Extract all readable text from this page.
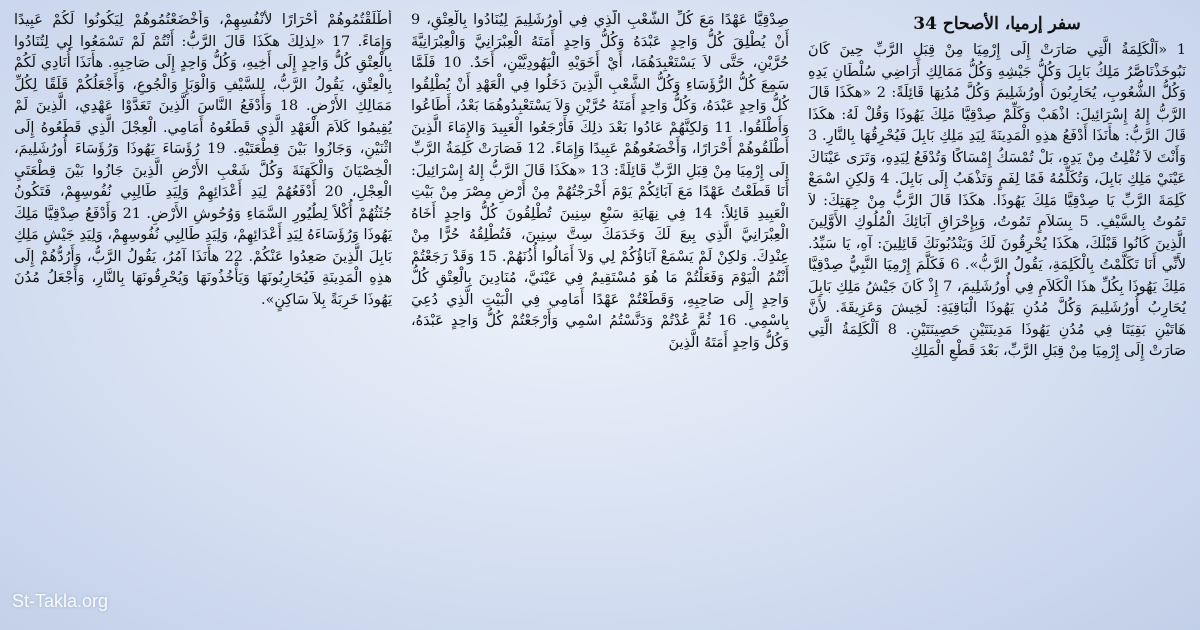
سفر إرميا، الأصحاح 34

1 «اَلْكَلِمَةُ الَّتِي صَارَتْ إِلَى إِرْمِيَا مِنْ قِبَلِ الرَّبِّ حِينَ كَانَ نَبُوخَذْنَاصَّرُ مَلِكُ بَابِلَ وَكُلُّ جَيْشِهِ وَكُلُّ مَمَالِكِ أَرَاضِي سُلْطَانِ يَدِهِ وَكُلُّ الشُّعُوبِ، يُحَارِبُونَ أُورُشَلِيمَ وَكُلَّ مُدُنِهَا قَائِلَةً: 2 «هكَذَا قَالَ الرَّبُّ إِلهُ إِسْرَائِيلَ: اذْهَبْ وَكَلِّمْ صِدْقِيَّا مَلِكَ يَهُوذَا وَقُلْ لَهُ: هكَذَا قَالَ الرَّبُّ: هأَنَذَا أَدْفَعُ هذِهِ الْمَدِينَةَ لِيَدِ مَلِكِ بَابِلَ فَيُحْرِقُهَا بِالنَّارِ. 3 وَأَنْتَ لاَ تُفْلِتُ مِنْ يَدِهِ، بَلْ تُمْسَكُ إِمْسَاكًا وَتُدْفَعُ لِيَدِهِ، وَتَرَى عَيْنَاكَ عَيْنَيْ مَلِكِ بَابِلَ، وَتُكَلِّمُهُ فَمًا لِفَمٍ وَتَذْهَبُ إِلَى بَابِلَ. 4 وَلكِنِ اسْمَعْ كَلِمَةَ الرَّبِّ يَا صِدْقِيَّا مَلِكَ يَهُوذَا. هكَذَا قَالَ الرَّبُّ مِنْ جِهَتِكَ: لاَ تَمُوتُ بِالسَّيْفِ. 5 بِسَلاَمٍ تَمُوتُ، وَبِإِحْرَاقِ آبَائِكَ الْمُلُوكِ الأَوَّلِينَ الَّذِينَ كَانُوا قَبْلَكَ، هكَذَا يُحْرِقُونَ لَكَ وَيَنْدُبُونَكَ قَائِلِينَ: آهِ، يَا سَيِّدُ. لأَنِّي أَنَا تَكَلَّمْتُ بِالْكَلِمَةِ، يَقُولُ الرَّبُّ». 6 فَكَلَّمَ إِرْمِيَا النَّبِيُّ صِدْقِيَّا مَلِكَ يَهُوذَا بِكُلِّ هذَا الْكَلاَمِ فِي أُورُشَلِيمَ، 7 إِذْ كَانَ جَيْشُ مَلِكِ بَابِلَ يُحَارِبُ أُورُشَلِيمَ وَكُلَّ مُدُنِ يَهُوذَا الْبَاقِيَةِ: لَخِيشَ وَعَزِيقَةَ. لأَنَّ هَاتَيْنِ بَقِيَتَا فِي مُدُنِ يَهُوذَا مَدِينَتَيْنِ حَصِينَتَيْنِ. 8 اَلْكَلِمَةُ الَّتِي صَارَتْ إِلَى إِرْمِيَا مِنْ قِبَلِ الرَّبِّ، بَعْدَ قَطْعِ الْمَلِكِ

صِدْقِيَّا عَهْدًا مَعَ كُلِّ الشَّعْبِ الَّذِي فِي أُورُشَلِيمَ لِيُنَادُوا بِالْعِتْقِ، 9 أَنْ يُطْلِقَ كُلُّ وَاحِدٍ عَبْدَهُ وَكُلُّ وَاحِدٍ أَمَتَهُ الْعِبْرَانِيَّ وَالْعِبْرَانِيَّةَ حُرَّيْنِ، حَتَّى لاَ يَسْتَعْبِدَهُمَا، أَيْ أَخَوَيْهِ الْيَهُودِيَّيْنِ، أَحَدٌ. 10 فَلَمَّا سَمِعَ كُلُّ الرُّؤَسَاءِ وَكُلُّ الشَّعْبِ الَّذِينَ دَخَلُوا فِي الْعَهْدِ أَنْ يُطْلِقُوا كُلُّ وَاحِدٍ عَبْدَهُ، وَكُلُّ وَاحِدٍ أَمَتَهُ حُرَّيْنِ وَلاَ يَسْتَعْبِدُوهُمَا بَعْدُ، أَطَاعُوا وَأَطْلَقُوا. 11 وَلكِنَّهُمْ عَادُوا بَعْدَ ذلِكَ فَأَرْجَعُوا الْعَبِيدَ وَالإِمَاءَ الَّذِينَ أَطْلَقُوهُمْ أَحْرَارًا، وَأَخْضَعُوهُمْ عَبِيدًا وَإِمَاءً. 12 فَصَارَتْ كَلِمَةُ الرَّبِّ إِلَى إِرْمِيَا مِنْ قِبَلِ الرَّبِّ قَائِلَةً: 13 «هكَذَا قَالَ الرَّبُّ إِلهُ إِسْرَائِيلَ: أَنَا قَطَعْتُ عَهْدًا مَعَ آبَائِكُمْ يَوْمَ أَخْرَجْتُهُمْ مِنْ أَرْضِ مِصْرَ مِنْ بَيْتِ الْعَبِيدِ قَائِلاً: 14 فِي نِهَايَةِ سَبْعِ سِنِينَ تُطْلِقُونَ كُلُّ وَاحِدٍ أَخَاهُ الْعِبْرَانِيَّ الَّذِي بِيعَ لَكَ وَخَدَمَكَ سِتَّ سِنِينَ، فَتُطْلِقُهُ حُرًّا مِنْ عِنْدِكَ. وَلكِنْ لَمْ يَسْمَعْ آبَاؤُكُمْ لِي وَلاَ أَمَالُوا أُذُنَهُمْ. 15 وَقَدْ رَجَعْتُمْ أَنْتُمُ الْيَوْمَ وَفَعَلْتُمْ مَا هُوَ مُسْتَقِيمٌ فِي عَيْنَيَّ، مُنَادِينَ بِالْعِتْقِ كُلُّ وَاحِدٍ إِلَى صَاحِبِهِ، وَقَطَعْتُمْ عَهْدًا أَمَامِي فِي الْبَيْتِ الَّذِي دُعِيَ بِاسْمِي. 16 ثُمَّ عُدْتُمْ وَدَنَّسْتُمُ اسْمِي وَأَرْجَعْتُمْ كُلُّ وَاحِدٍ عَبْدَهُ، وَكُلُّ وَاحِدٍ أَمَتَهُ الَّذِينَ

أَطْلَقْتُمُوهُمْ أَحْرَارًا لأَنْفُسِهِمْ، وَأَخْضَعْتُمُوهُمْ لِيَكُونُوا لَكُمْ عَبِيدًا وَإِمَاءً. 17 «لِذلِكَ هكَذَا قَالَ الرَّبُّ: أَنْتُمْ لَمْ تَسْمَعُوا لِي لِتُنَادُوا بِالْعِتْقِ كُلُّ وَاحِدٍ إِلَى أَخِيهِ، وَكُلُّ وَاحِدٍ إِلَى صَاحِبِهِ. هأَنَذَا أُنَادِي لَكُمْ بِالْعِتْقِ، يَقُولُ الرَّبُّ، لِلسَّيْفِ وَالْوَبَإِ وَالْجُوعِ، وَأَجْعَلُكُمْ قَلَقًا لِكُلِّ مَمَالِكِ الأَرْضِ. 18 وَأَدْفَعُ النَّاسَ الَّذِينَ تَعَدَّوْا عَهْدِي، الَّذِينَ لَمْ يُقِيمُوا كَلاَمَ الْعَهْدِ الَّذِي قَطَعُوهُ أَمَامِي. الْعِجْلَ الَّذِي قَطَعُوهُ إِلَى اثْنَيْنِ، وَجَازُوا بَيْنَ قِطْعَتَيْهِ. 19 رُؤَسَاءَ يَهُوذَا وَرُؤَسَاءَ أُورُشَلِيمَ، الْخِصْيَانَ وَالْكَهَنَةَ وَكُلَّ شَعْبِ الأَرْضِ الَّذِينَ جَازُوا بَيْنَ قِطْعَتَيِ الْعِجْلِ، 20 أَدْفَعُهُمْ لِيَدِ أَعْدَائِهِمْ وَلِيَدِ طَالِبِي نُفُوسِهِمْ، فَتَكُونُ جُثَثُهُمْ أُكْلاً لِطُيُورِ السَّمَاءِ وَوُحُوشِ الأَرْضِ. 21 وَأَدْفَعُ صِدْقِيَّا مَلِكَ يَهُوذَا وَرُؤَسَاءَهُ لِيَدِ أَعْدَائِهِمْ، وَلِيَدِ طَالِبِي نُفُوسِهِمْ، وَلِيَدِ جَيْشِ مَلِكِ بَابِلَ الَّذِينَ صَعِدُوا عَنْكُمْ. 22 هأَنَذَا آمُرُ، يَقُولُ الرَّبُّ، وَأَرُدُّهُمْ إِلَى هذِهِ الْمَدِينَةِ فَيُحَارِبُونَهَا وَيَأْخُذُونَهَا وَيُحْرِقُونَهَا بِالنَّارِ، وَأَجْعَلُ مُدُنَ يَهُوذَا خَرِبَةً بِلاَ سَاكِنٍ».

St-Takla.org
